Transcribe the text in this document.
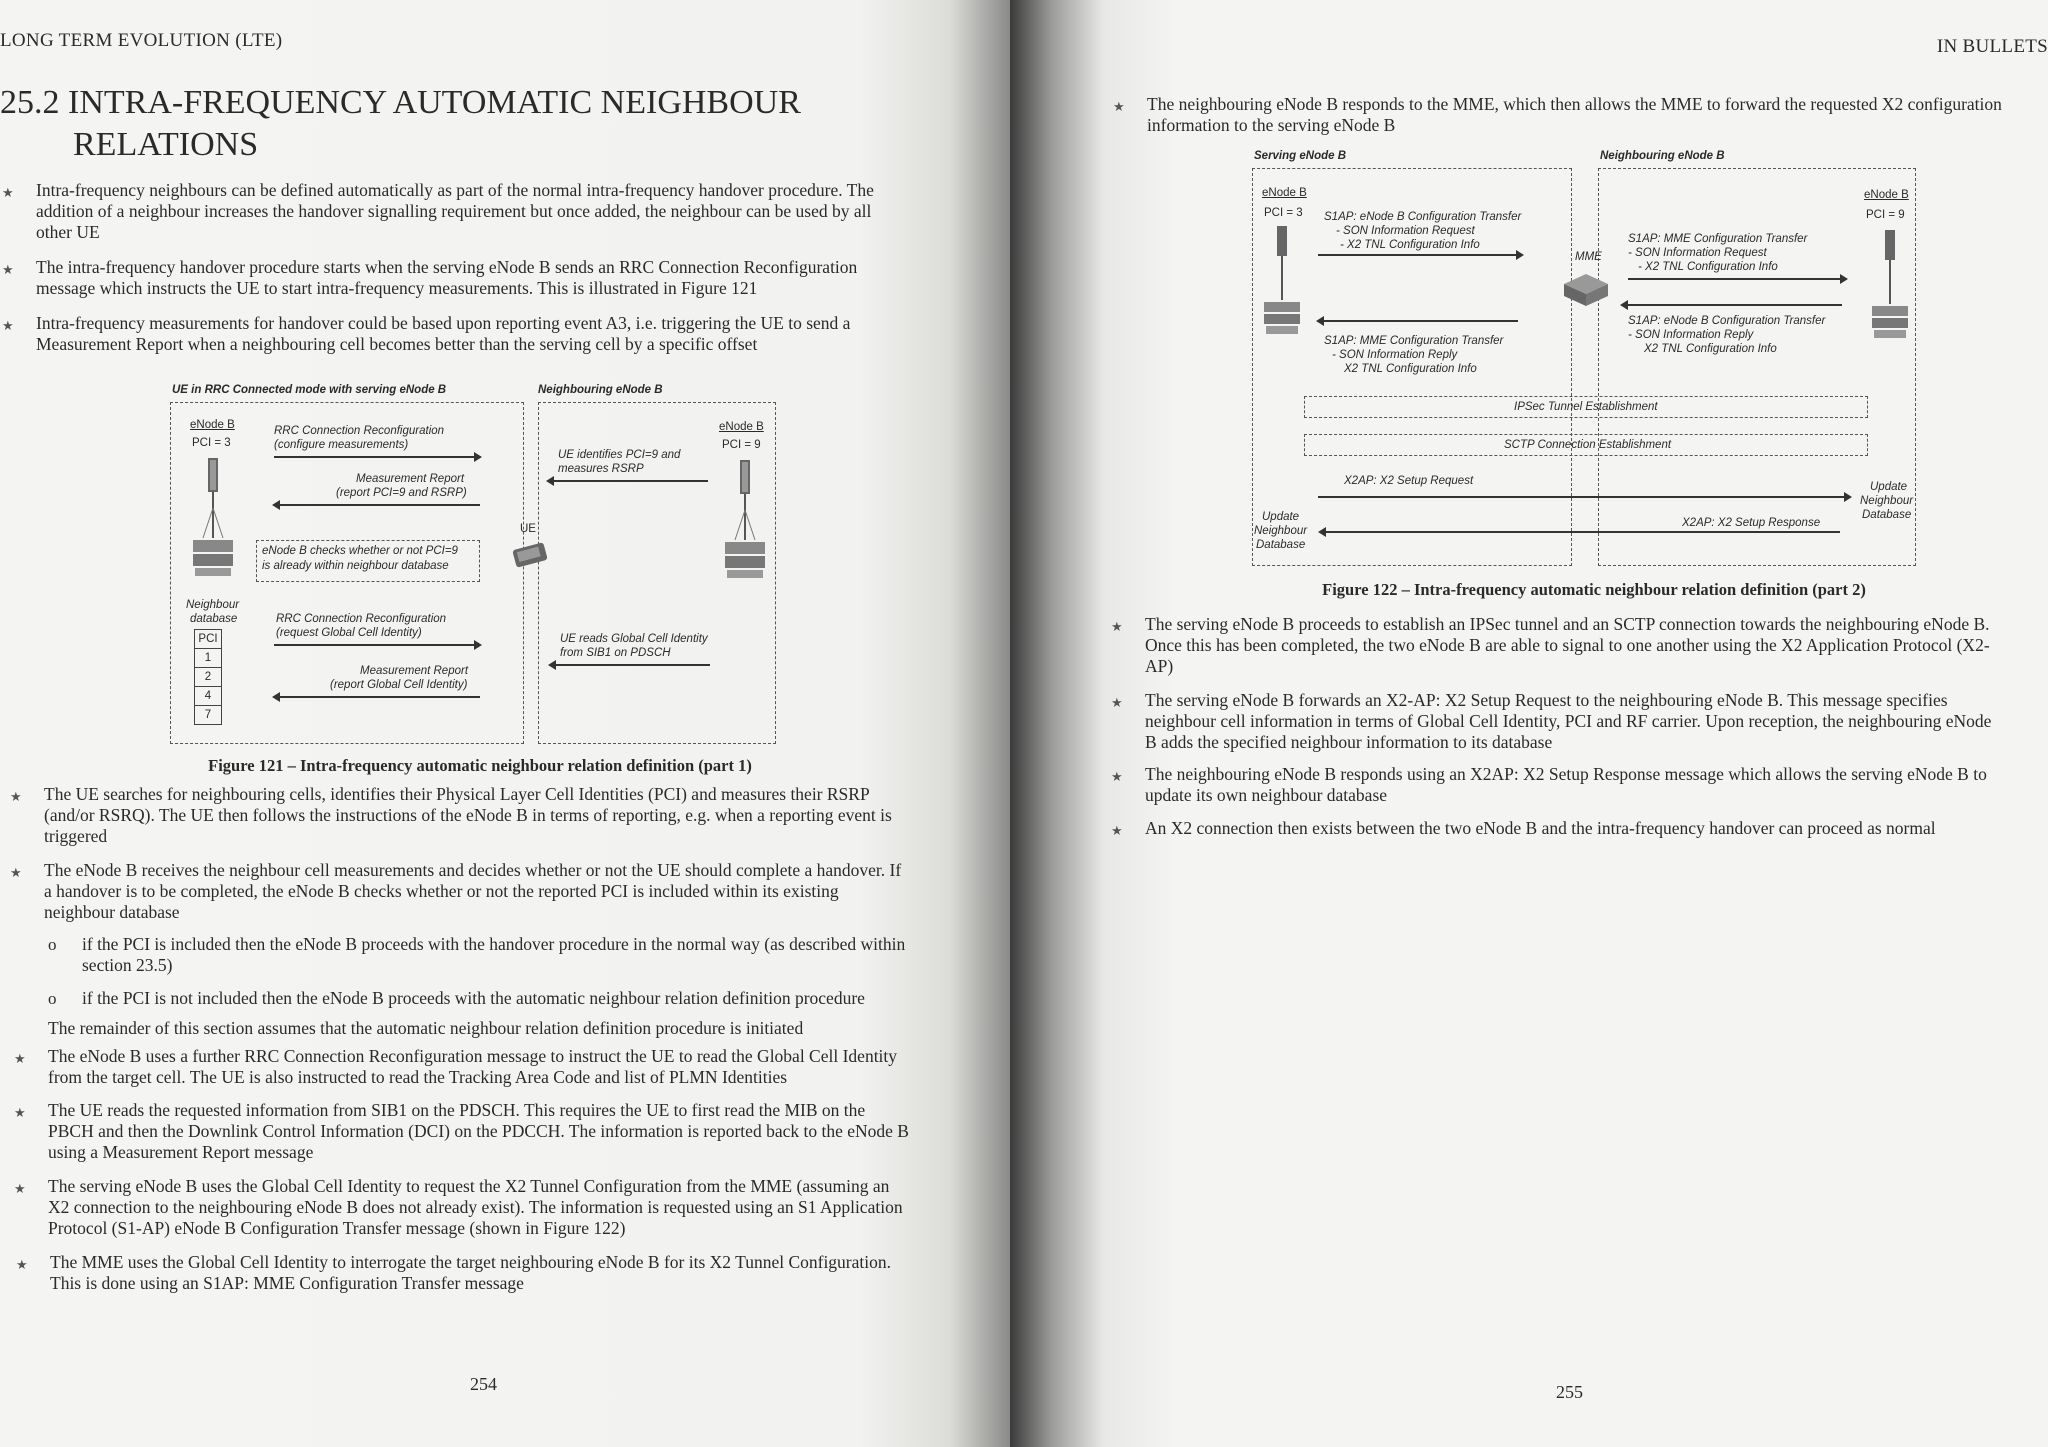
LONG TERM EVOLUTION (LTE)
25.2 INTRA-FREQUENCY AUTOMATIC NEIGHBOUR
RELATIONS
★ Intra-frequency neighbours can be defined automatically as part of the normal intra-frequency handover procedure. The
addition of a neighbour increases the handover signalling requirement but once added, the neighbour can be used by all
other UE
★ The intra-frequency handover procedure starts when the serving eNode B sends an RRC Connection Reconfiguration
message which instructs the UE to start intra-frequency measurements. This is illustrated in Figure 121
★ Intra-frequency measurements for handover could be based upon reporting event A3, i.e. triggering the UE to send a
Measurement Report when a neighbouring cell becomes better than the serving cell by a specific offset
UE in RRC Connected mode with serving eNode B	Neighbouring eNode B
eNode B
PCI = 3
eNode B
PCI = 9
RRC Connection Reconfiguration
(configure measurements)
Measurement Report
(report PCI=9 and RSRP)
UE
eNode B checks whether or not PCI=9
is already within neighbour database
UE identifies PCI=9 and
measures RSRP
Neighbour
database
PCI
1
2
4
7
RRC Connection Reconfiguration
(request Global Cell Identity)
Measurement Report
(report Global Cell Identity)
UE reads Global Cell Identity
from SIB1 on PDSCH
Figure 121 – Intra-frequency automatic neighbour relation definition (part 1)
★ The UE searches for neighbouring cells, identifies their Physical Layer Cell Identities (PCI) and measures their RSRP
(and/or RSRQ). The UE then follows the instructions of the eNode B in terms of reporting, e.g. when a reporting event is
triggered
★ The eNode B receives the neighbour cell measurements and decides whether or not the UE should complete a handover. If
a handover is to be completed, the eNode B checks whether or not the reported PCI is included within its existing
neighbour database
o if the PCI is included then the eNode B proceeds with the handover procedure in the normal way (as described within
section 23.5)
o if the PCI is not included then the eNode B proceeds with the automatic neighbour relation definition procedure
The remainder of this section assumes that the automatic neighbour relation definition procedure is initiated
★ The eNode B uses a further RRC Connection Reconfiguration message to instruct the UE to read the Global Cell Identity
from the target cell. The UE is also instructed to read the Tracking Area Code and list of PLMN Identities
★ The UE reads the requested information from SIB1 on the PDSCH. This requires the UE to first read the MIB on the
PBCH and then the Downlink Control Information (DCI) on the PDCCH. The information is reported back to the eNode B
using a Measurement Report message
★ The serving eNode B uses the Global Cell Identity to request the X2 Tunnel Configuration from the MME (assuming an
X2 connection to the neighbouring eNode B does not already exist). The information is requested using an S1 Application
Protocol (S1-AP) eNode B Configuration Transfer message (shown in Figure 122)
★ The MME uses the Global Cell Identity to interrogate the target neighbouring eNode B for its X2 Tunnel Configuration.
This is done using an S1AP: MME Configuration Transfer message
254
IN BULLETS
★ The neighbouring eNode B responds to the MME, which then allows the MME to forward the requested X2 configuration
information to the serving eNode B
Serving eNode B	Neighbouring eNode B
eNode B
PCI = 3
eNode B
PCI = 9
MME
S1AP: eNode B Configuration Transfer
- SON Information Request
- X2 TNL Configuration Info	S1AP: MME Configuration Transfer
- SON Information Request
- X2 TNL Configuration Info
S1AP: MME Configuration Transfer
- SON Information Reply
X2 TNL Configuration Info
S1AP: eNode B Configuration Transfer
- SON Information Reply
X2 TNL Configuration Info
IPSec Tunnel Establishment
SCTP Connection Establishment
X2AP: X2 Setup Request	Update
Neighbour
Database
Update
Neighbour
Database
X2AP: X2 Setup Response
Figure 122 – Intra-frequency automatic neighbour relation definition (part 2)
★ The serving eNode B proceeds to establish an IPSec tunnel and an SCTP connection towards the neighbouring eNode B.
Once this has been completed, the two eNode B are able to signal to one another using the X2 Application Protocol (X2-
AP)
★ The serving eNode B forwards an X2-AP: X2 Setup Request to the neighbouring eNode B. This message specifies
neighbour cell information in terms of Global Cell Identity, PCI and RF carrier. Upon reception, the neighbouring eNode
B adds the specified neighbour information to its database
★ The neighbouring eNode B responds using an X2AP: X2 Setup Response message which allows the serving eNode B to
update its own neighbour database
★ An X2 connection then exists between the two eNode B and the intra-frequency handover can proceed as normal
255
